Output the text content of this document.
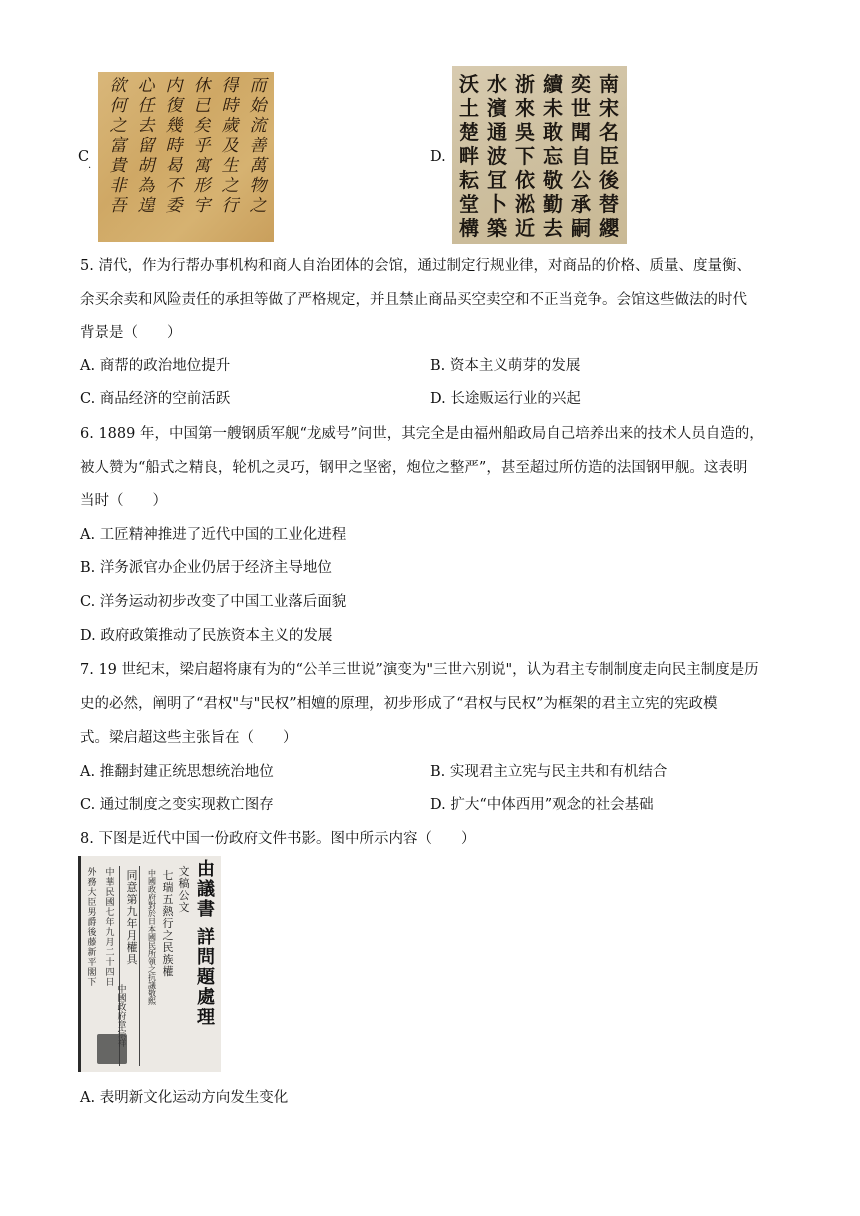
C
.
而始流善萬物之
得時歲及生之行
休已矣乎寓形宇
内復幾時曷不委
心任去留胡為遑
欲何之富貴非吾
D.
南宋名臣後替纓
奕世聞自公承嗣
續未敢忘敬勤去
浙來吳下依淞近
水濱通波冝卜築
沃土楚畔耘堂構
5. 清代，作为行帮办事机构和商人自治团体的会馆，通过制定行规业律，对商品的价格、质量、度量衡、
余买余卖和风险责任的承担等做了严格规定，并且禁止商品买空卖空和不正当竞争。会馆这些做法的时代
背景是（　　）
A. 商帮的政治地位提升	B. 资本主义萌芽的发展
C. 商品经济的空前活跃	D. 长途贩运行业的兴起
6. 1889 年，中国第一艘钢质军舰“龙威号”问世，其完全是由福州船政局自己培养出来的技术人员自造的，
被人赞为“船式之精良，轮机之灵巧，钢甲之坚密，炮位之整严”，甚至超过所仿造的法国钢甲舰。这表明
当时（　　）
A. 工匠精神推进了近代中国的工业化进程
B. 洋务派官办企业仍居于经济主导地位
C. 洋务运动初步改变了中国工业落后面貌
D. 政府政策推动了民族资本主义的发展
7. 19 世纪末，梁启超将康有为的“公羊三世说”演变为"三世六别说"，认为君主专制制度走向民主制度是历
史的必然，阐明了“君权"与"民权”相嬗的原理，初步形成了“君权与民权”为框架的君主立宪的宪政模
式。梁启超这些主张旨在（　　）
A. 推翻封建正统思想统治地位	B. 实现君主立宪与民主共和有机结合
C. 通过制度之变实现救亡图存	D. 扩大“中体西用”观念的社会基础
8. 下图是近代中国一份政府文件书影。图中所示内容（　　）
由議書
詳問題處理
文稿公文
七瑞五熱行之民族權
中國政府對於日本國民所領之抗議敬熙
同意第九年月權具
中華民國七年九月二十四日
外務大臣男爵後藤新平閣下
中國政府　章
A. 表明新文化运动方向发生变化
